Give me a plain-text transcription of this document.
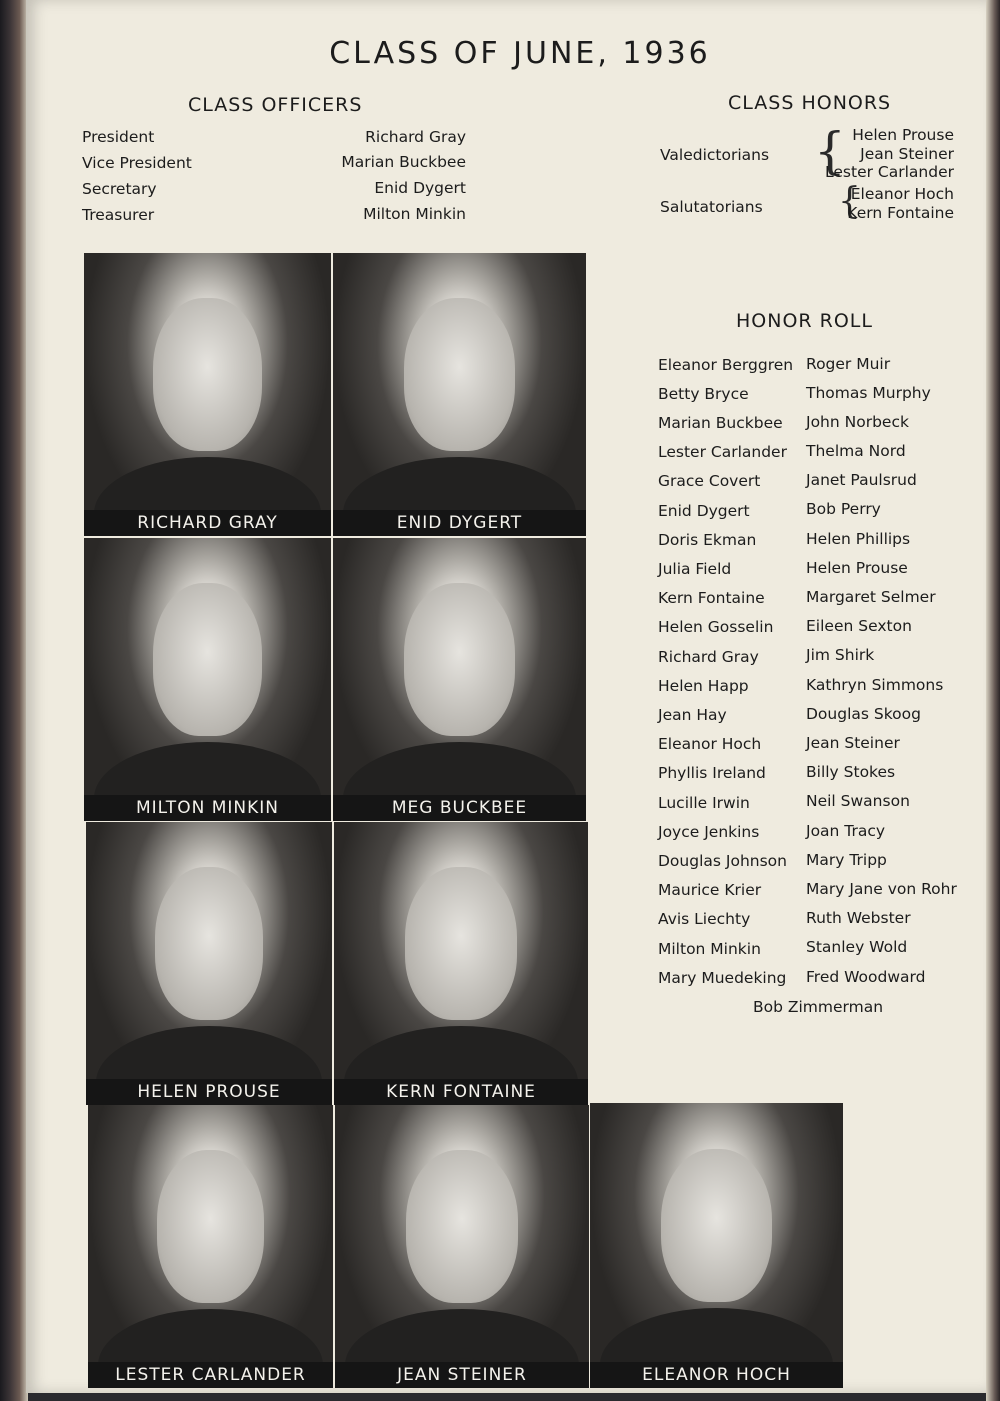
CLASS OF JUNE, 1936
CLASS OFFICERS
President	Richard Gray
Vice President	Marian Buckbee
Secretary	Enid Dygert
Treasurer	Milton Minkin
CLASS HONORS
Valedictorians { Helen Prouse
Jean Steiner
Lester Carlander
Salutatorians {
Eleanor Hoch
Kern Fontaine
HONOR ROLL
Eleanor Berggren
Betty Bryce
Marian Buckbee
Lester Carlander
Grace Covert
Enid Dygert
Doris Ekman
Julia Field
Kern Fontaine
Helen Gosselin
Richard Gray
Helen Happ
Jean Hay
Eleanor Hoch
Phyllis Ireland
Lucille Irwin
Joyce Jenkins
Douglas Johnson
Maurice Krier
Avis Liechty
Milton Minkin
Mary Muedeking
Roger Muir
Thomas Murphy
John Norbeck
Thelma Nord
Janet Paulsrud
Bob Perry
Helen Phillips
Helen Prouse
Margaret Selmer
Eileen Sexton
Jim Shirk
Kathryn Simmons
Douglas Skoog
Jean Steiner
Billy Stokes
Neil Swanson
Joan Tracy
Mary Tripp
Mary Jane von Rohr
Ruth Webster
Stanley Wold
Fred Woodward
Bob Zimmerman
RICHARD GRAY	ENID DYGERT
MILTON MINKIN	MEG BUCKBEE
HELEN PROUSE	KERN FONTAINE
LESTER CARLANDER	JEAN STEINER	ELEANOR HOCH
